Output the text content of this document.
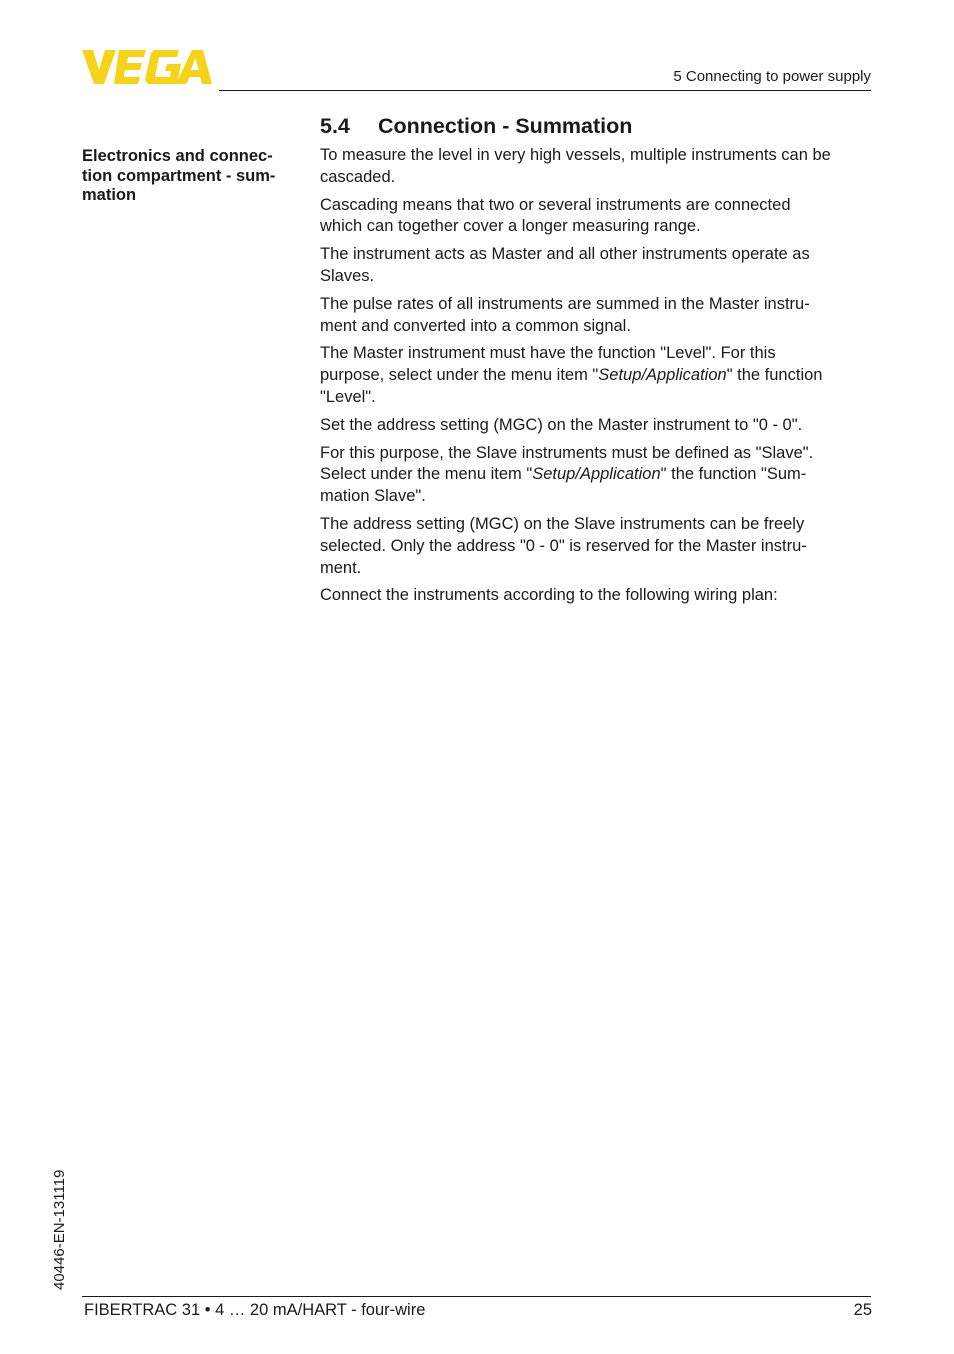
5 Connecting to power supply
5.4 Connection - Summation
Electronics and connec-
tion compartment - sum-
mation

To measure the level in very high vessels, multiple instruments can be
cascaded.

Cascading means that two or several instruments are connected
which can together cover a longer measuring range.

The instrument acts as Master and all other instruments operate as
Slaves.

The pulse rates of all instruments are summed in the Master instru-
ment and converted into a common signal.

The Master instrument must have the function "Level". For this
purpose, select under the menu item "Setup/Application" the function
"Level".

Set the address setting (MGC) on the Master instrument to "0 - 0".

For this purpose, the Slave instruments must be defined as "Slave".
Select under the menu item "Setup/Application" the function "Sum-
mation Slave".

The address setting (MGC) on the Slave instruments can be freely
selected. Only the address "0 - 0" is reserved for the Master instru-
ment.

Connect the instruments according to the following wiring plan:

40446-EN-131119
FIBERTRAC 31 • 4 … 20 mA/HART - four-wire	25
